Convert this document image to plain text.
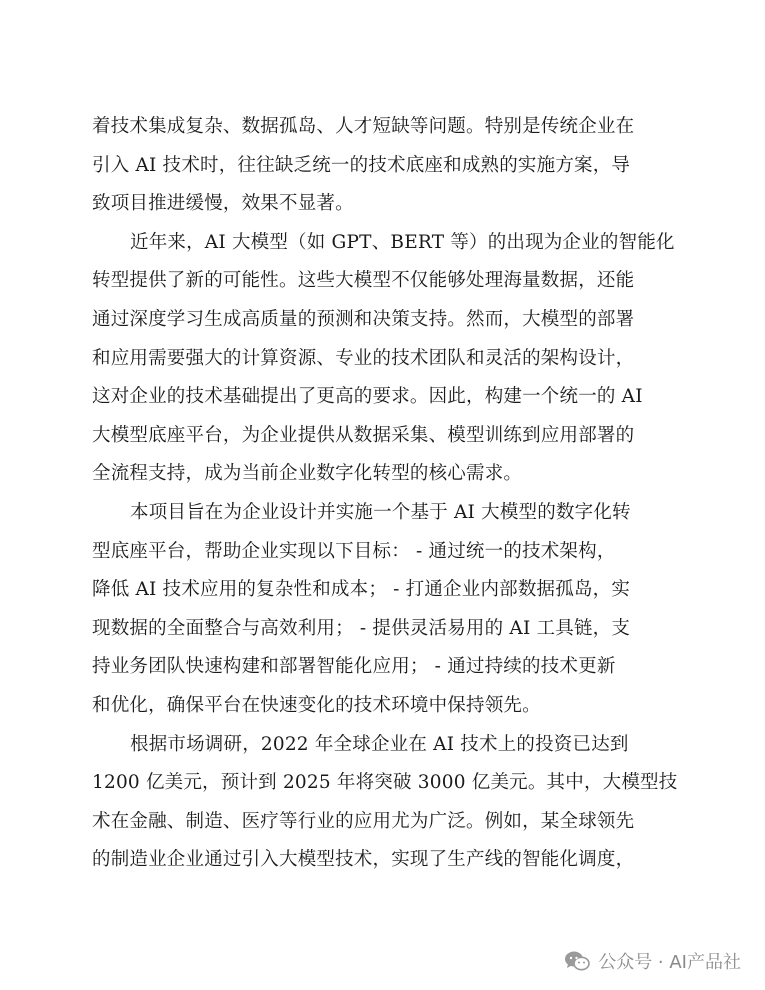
着技术集成复杂、数据孤岛、人才短缺等问题。特别是传统企业在
引入 AI 技术时，往往缺乏统一的技术底座和成熟的实施方案，导
致项目推进缓慢，效果不显著。
近年来，AI 大模型（如 GPT、BERT 等）的出现为企业的智能化
转型提供了新的可能性。这些大模型不仅能够处理海量数据，还能
通过深度学习生成高质量的预测和决策支持。然而，大模型的部署
和应用需要强大的计算资源、专业的技术团队和灵活的架构设计，
这对企业的技术基础提出了更高的要求。因此，构建一个统一的 AI
大模型底座平台，为企业提供从数据采集、模型训练到应用部署的
全流程支持，成为当前企业数字化转型的核心需求。
本项目旨在为企业设计并实施一个基于 AI 大模型的数字化转
型底座平台，帮助企业实现以下目标： - 通过统一的技术架构，
降低 AI 技术应用的复杂性和成本； - 打通企业内部数据孤岛，实
现数据的全面整合与高效利用； - 提供灵活易用的 AI 工具链，支
持业务团队快速构建和部署智能化应用； - 通过持续的技术更新
和优化，确保平台在快速变化的技术环境中保持领先。
根据市场调研，2022 年全球企业在 AI 技术上的投资已达到
1200 亿美元，预计到 2025 年将突破 3000 亿美元。其中，大模型技
术在金融、制造、医疗等行业的应用尤为广泛。例如，某全球领先
的制造业企业通过引入大模型技术，实现了生产线的智能化调度，
公众号 · AI产品社
